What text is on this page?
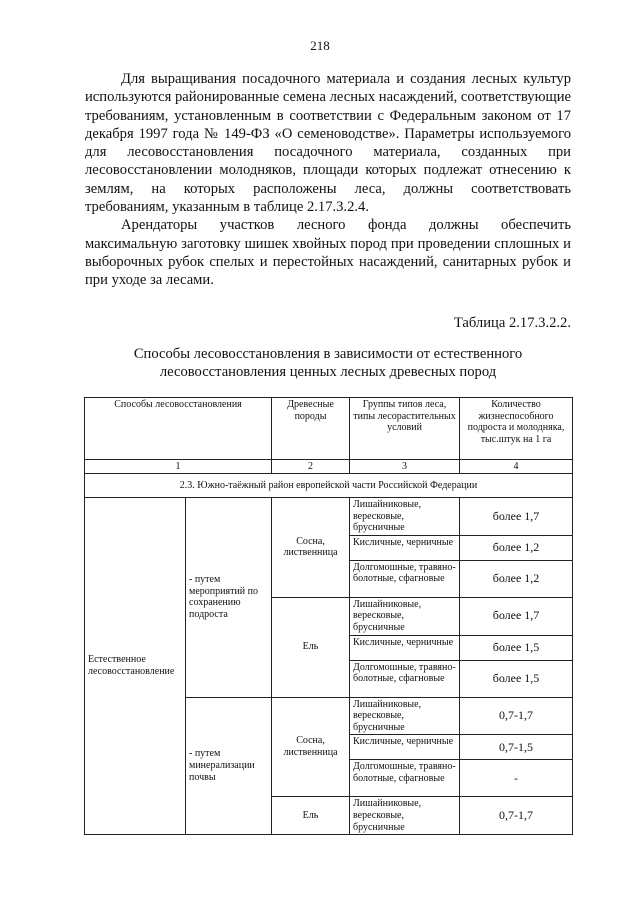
218

Для выращивания посадочного материала и создания лесных культур используются районированные семена лесных насаждений, соответствующие требованиям, установленным в соответствии с Федеральным законом от 17 декабря 1997 года № 149-ФЗ «О семеноводстве». Параметры используемого для лесовосстановления посадочного материала, созданных при лесовосстановлении молодняков, площади которых подлежат отнесению к землям, на которых расположены леса, должны соответствовать требованиям, указанным в таблице 2.17.3.2.4.

Арендаторы участков лесного фонда должны обеспечить максимальную заготовку шишек хвойных пород при проведении сплошных и выборочных рубок спелых и перестойных насаждений, санитарных рубок и при уходе за лесами.

Таблица 2.17.3.2.2.
Способы лесовосстановления в зависимости от естественного
лесовосстановления ценных лесных древесных пород
Способы лесовосстановления		Древесные породы	Группы типов леса, типы лесорастительных условий	Количество жизнеспособного подроста и молодняка, тыс.штук на 1 га
1		2	3	4
2.3. Южно-таёжный район европейской части Российской Федерации				
Естественное лесовосстановление	- путем мероприятий по сохранению подроста	Сосна, лиственница	Лишайниковые, вересковые, брусничные	более 1,7
			Кисличные, черничные	более 1,2
			Долгомошные, травяно-болотные, сфагновые	более 1,2
		Ель	Лишайниковые, вересковые, брусничные	более 1,7
			Кисличные, черничные	более 1,5
			Долгомошные, травяно-болотные, сфагновые	более 1,5
	- путем минерализации почвы	Сосна, лиственница	Лишайниковые, вересковые, брусничные	0,7-1,7
			Кисличные, черничные	0,7-1,5
			Долгомошные, травяно-болотные, сфагновые	-
		Ель	Лишайниковые, вересковые, брусничные	0,7-1,7
